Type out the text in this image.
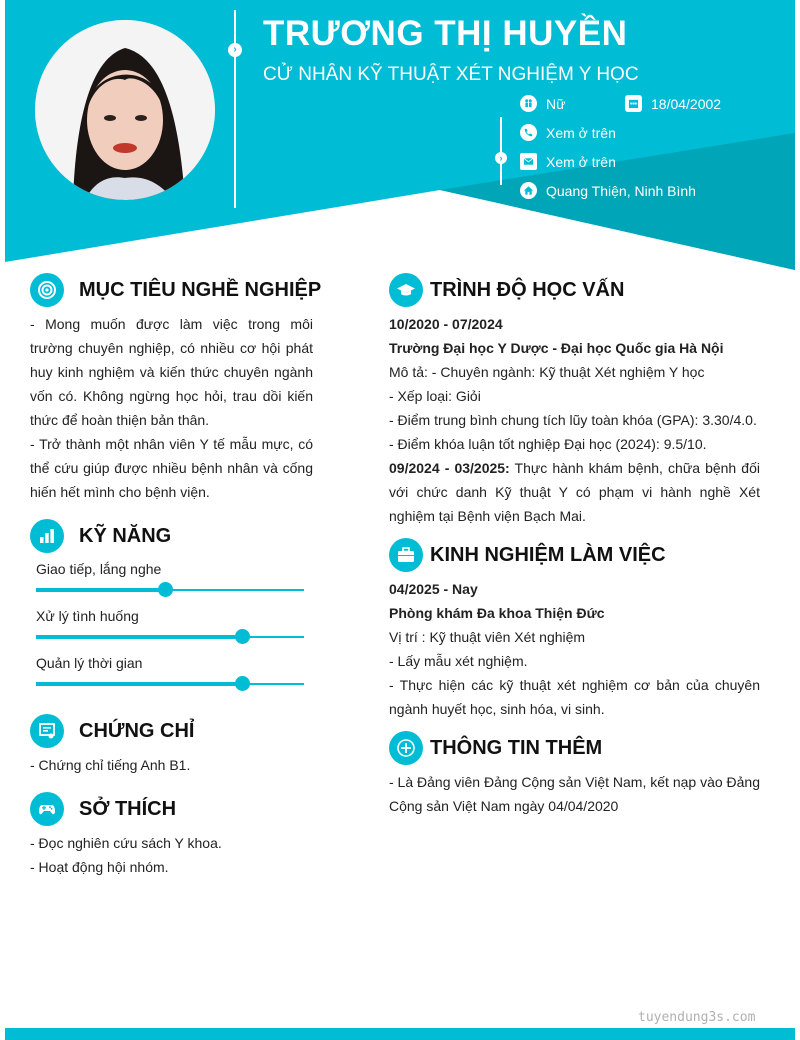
› TRƯƠNG THỊ HUYỀN
CỬ NHÂN KỸ THUẬT XÉT NGHIỆM Y HỌC
Nữ	18/04/2002
›
Xem ở trên
Xem ở trên
Quang Thiện, Ninh Bình
MỤC TIÊU NGHỀ NGHIỆP

- Mong muốn được làm việc trong môi trường chuyên nghiệp, có nhiều cơ hội phát huy kinh nghiệm và kiến thức chuyên ngành vốn có. Không ngừng học hỏi, trau dồi kiến thức để hoàn thiện bản thân.

- Trở thành một nhân viên Y tế mẫu mực, có thể cứu giúp được nhiều bệnh nhân và cống hiến hết mình cho bệnh viện.

KỸ NĂNG
Giao tiếp, lắng nghe
Xử lý tình huống
Quản lý thời gian
CHỨNG CHỈ

- Chứng chỉ tiếng Anh B1.

SỞ THÍCH

- Đọc nghiên cứu sách Y khoa.

- Hoạt động hội nhóm.

TRÌNH ĐỘ HỌC VẤN

10/2020 - 07/2024

Trường Đại học Y Dược - Đại học Quốc gia Hà Nội

Mô tả: - Chuyên ngành: Kỹ thuật Xét nghiệm Y học

- Xếp loại: Giỏi

- Điểm trung bình chung tích lũy toàn khóa (GPA): 3.30/4.0.

- Điểm khóa luận tốt nghiệp Đại học (2024): 9.5/10.

09/2024 - 03/2025: Thực hành khám bệnh, chữa bệnh đối với chức danh Kỹ thuật Y có phạm vi hành nghề Xét nghiệm tại Bệnh viện Bạch Mai.

KINH NGHIỆM LÀM VIỆC

04/2025 - Nay

Phòng khám Đa khoa Thiện Đức

Vị trí : Kỹ thuật viên Xét nghiệm

- Lấy mẫu xét nghiệm.

- Thực hiện các kỹ thuật xét nghiệm cơ bản của chuyên ngành huyết học, sinh hóa, vi sinh.

THÔNG TIN THÊM

- Là Đảng viên Đảng Cộng sản Việt Nam, kết nạp vào Đảng Cộng sản Việt Nam ngày 04/04/2020

tuyendung3s.com
